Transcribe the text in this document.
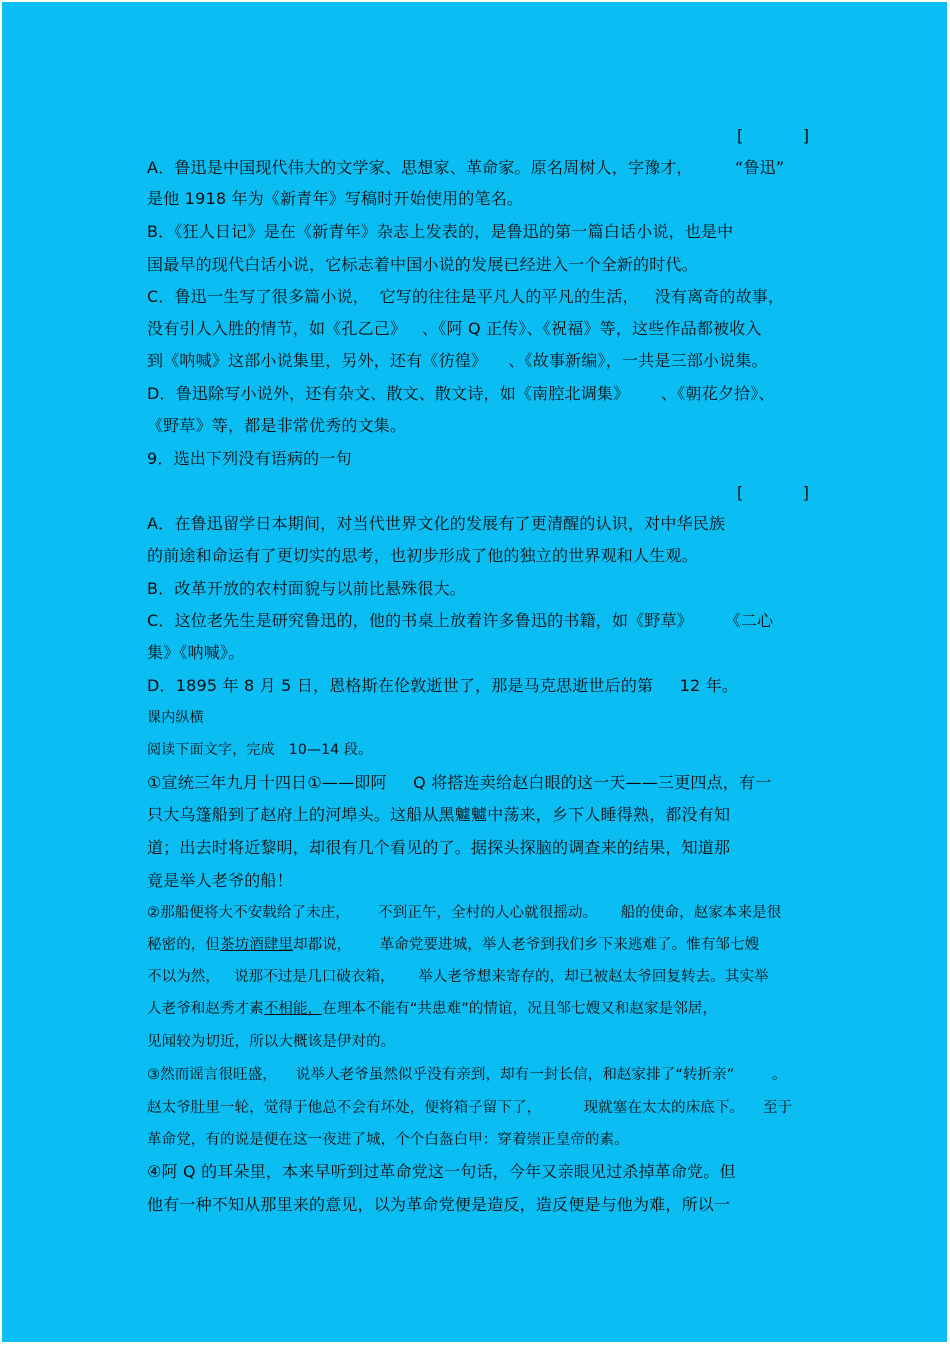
[	]
A．鲁迅是中国现代伟大的文学家、思想家、革命家。原名周树人，字豫才，        “鲁迅”
是他 1918 年为《新青年》写稿时开始使用的笔名。
B．《狂人日记》是在《新青年》杂志上发表的，是鲁迅的第一篇白话小说，也是中
国最早的现代白话小说，它标志着中国小说的发展已经进入一个全新的时代。
C．鲁迅一生写了很多篇小说，  它写的往往是平凡人的平凡的生活，   没有离奇的故事，
没有引人入胜的情节，如《孔乙己》   、《阿 Q 正传》、《祝福》等，这些作品都被收入
到《呐喊》这部小说集里，另外，还有《彷徨》    、《故事新编》，一共是三部小说集。
D．鲁迅除写小说外，还有杂文、散文、散文诗，如《南腔北调集》      、《朝花夕拾》、
《野草》等，都是非常优秀的文集。
9．选出下列没有语病的一句
[	]
A．在鲁迅留学日本期间，对当代世界文化的发展有了更清醒的认识，对中华民族
的前途和命运有了更切实的思考，也初步形成了他的独立的世界观和人生观。
B．改革开放的农村面貌与以前比悬殊很大。
C．这位老先生是研究鲁迅的，他的书桌上放着许多鲁迅的书籍，如《野草》      《二心
集》《呐喊》。
D．1895 年 8 月 5 日，恩格斯在伦敦逝世了，那是马克思逝世后的第     12 年。
课内纵横
阅读下面文字，完成   10—14 段。
①宣统三年九月十四日①——即阿     Q 将搭连卖给赵白眼的这一天——三更四点，有一
只大乌篷船到了赵府上的河埠头。这船从黑魖魖中荡来，乡下人睡得熟，都没有知
道；出去时将近黎明，却很有几个看见的了。据探头探脑的调查来的结果，知道那
竟是举人老爷的船！
②那船便将大不安载给了未庄，      不到正午，全村的人心就很摇动。     船的使命，赵家本来是很
秘密的，但茶坊酒肆里却都说，      革命党要进城，举人老爷到我们乡下来逃难了。惟有邹七嫂
不以为然，   说那不过是几口破衣箱，     举人老爷想来寄存的，却已被赵太爷回复转去。其实举
人老爷和赵秀才素不相能，在理本不能有“共患难”的情谊，况且邹七嫂又和赵家是邻居，
见闻较为切近，所以大概该是伊对的。
③然而谣言很旺盛，    说举人老爷虽然似乎没有亲到，却有一封长信，和赵家排了“转折亲”        。
赵太爷肚里一轮，觉得于他总不会有坏处，便将箱子留下了，         现就塞在太太的床底下。    至于
革命党，有的说是便在这一夜进了城，个个白盔白甲：穿着崇正皇帝的素。
④阿 Q 的耳朵里，本来早听到过革命党这一句话，今年又亲眼见过杀掉革命党。但
他有一种不知从那里来的意见，以为革命党便是造反，造反便是与他为难，所以一
